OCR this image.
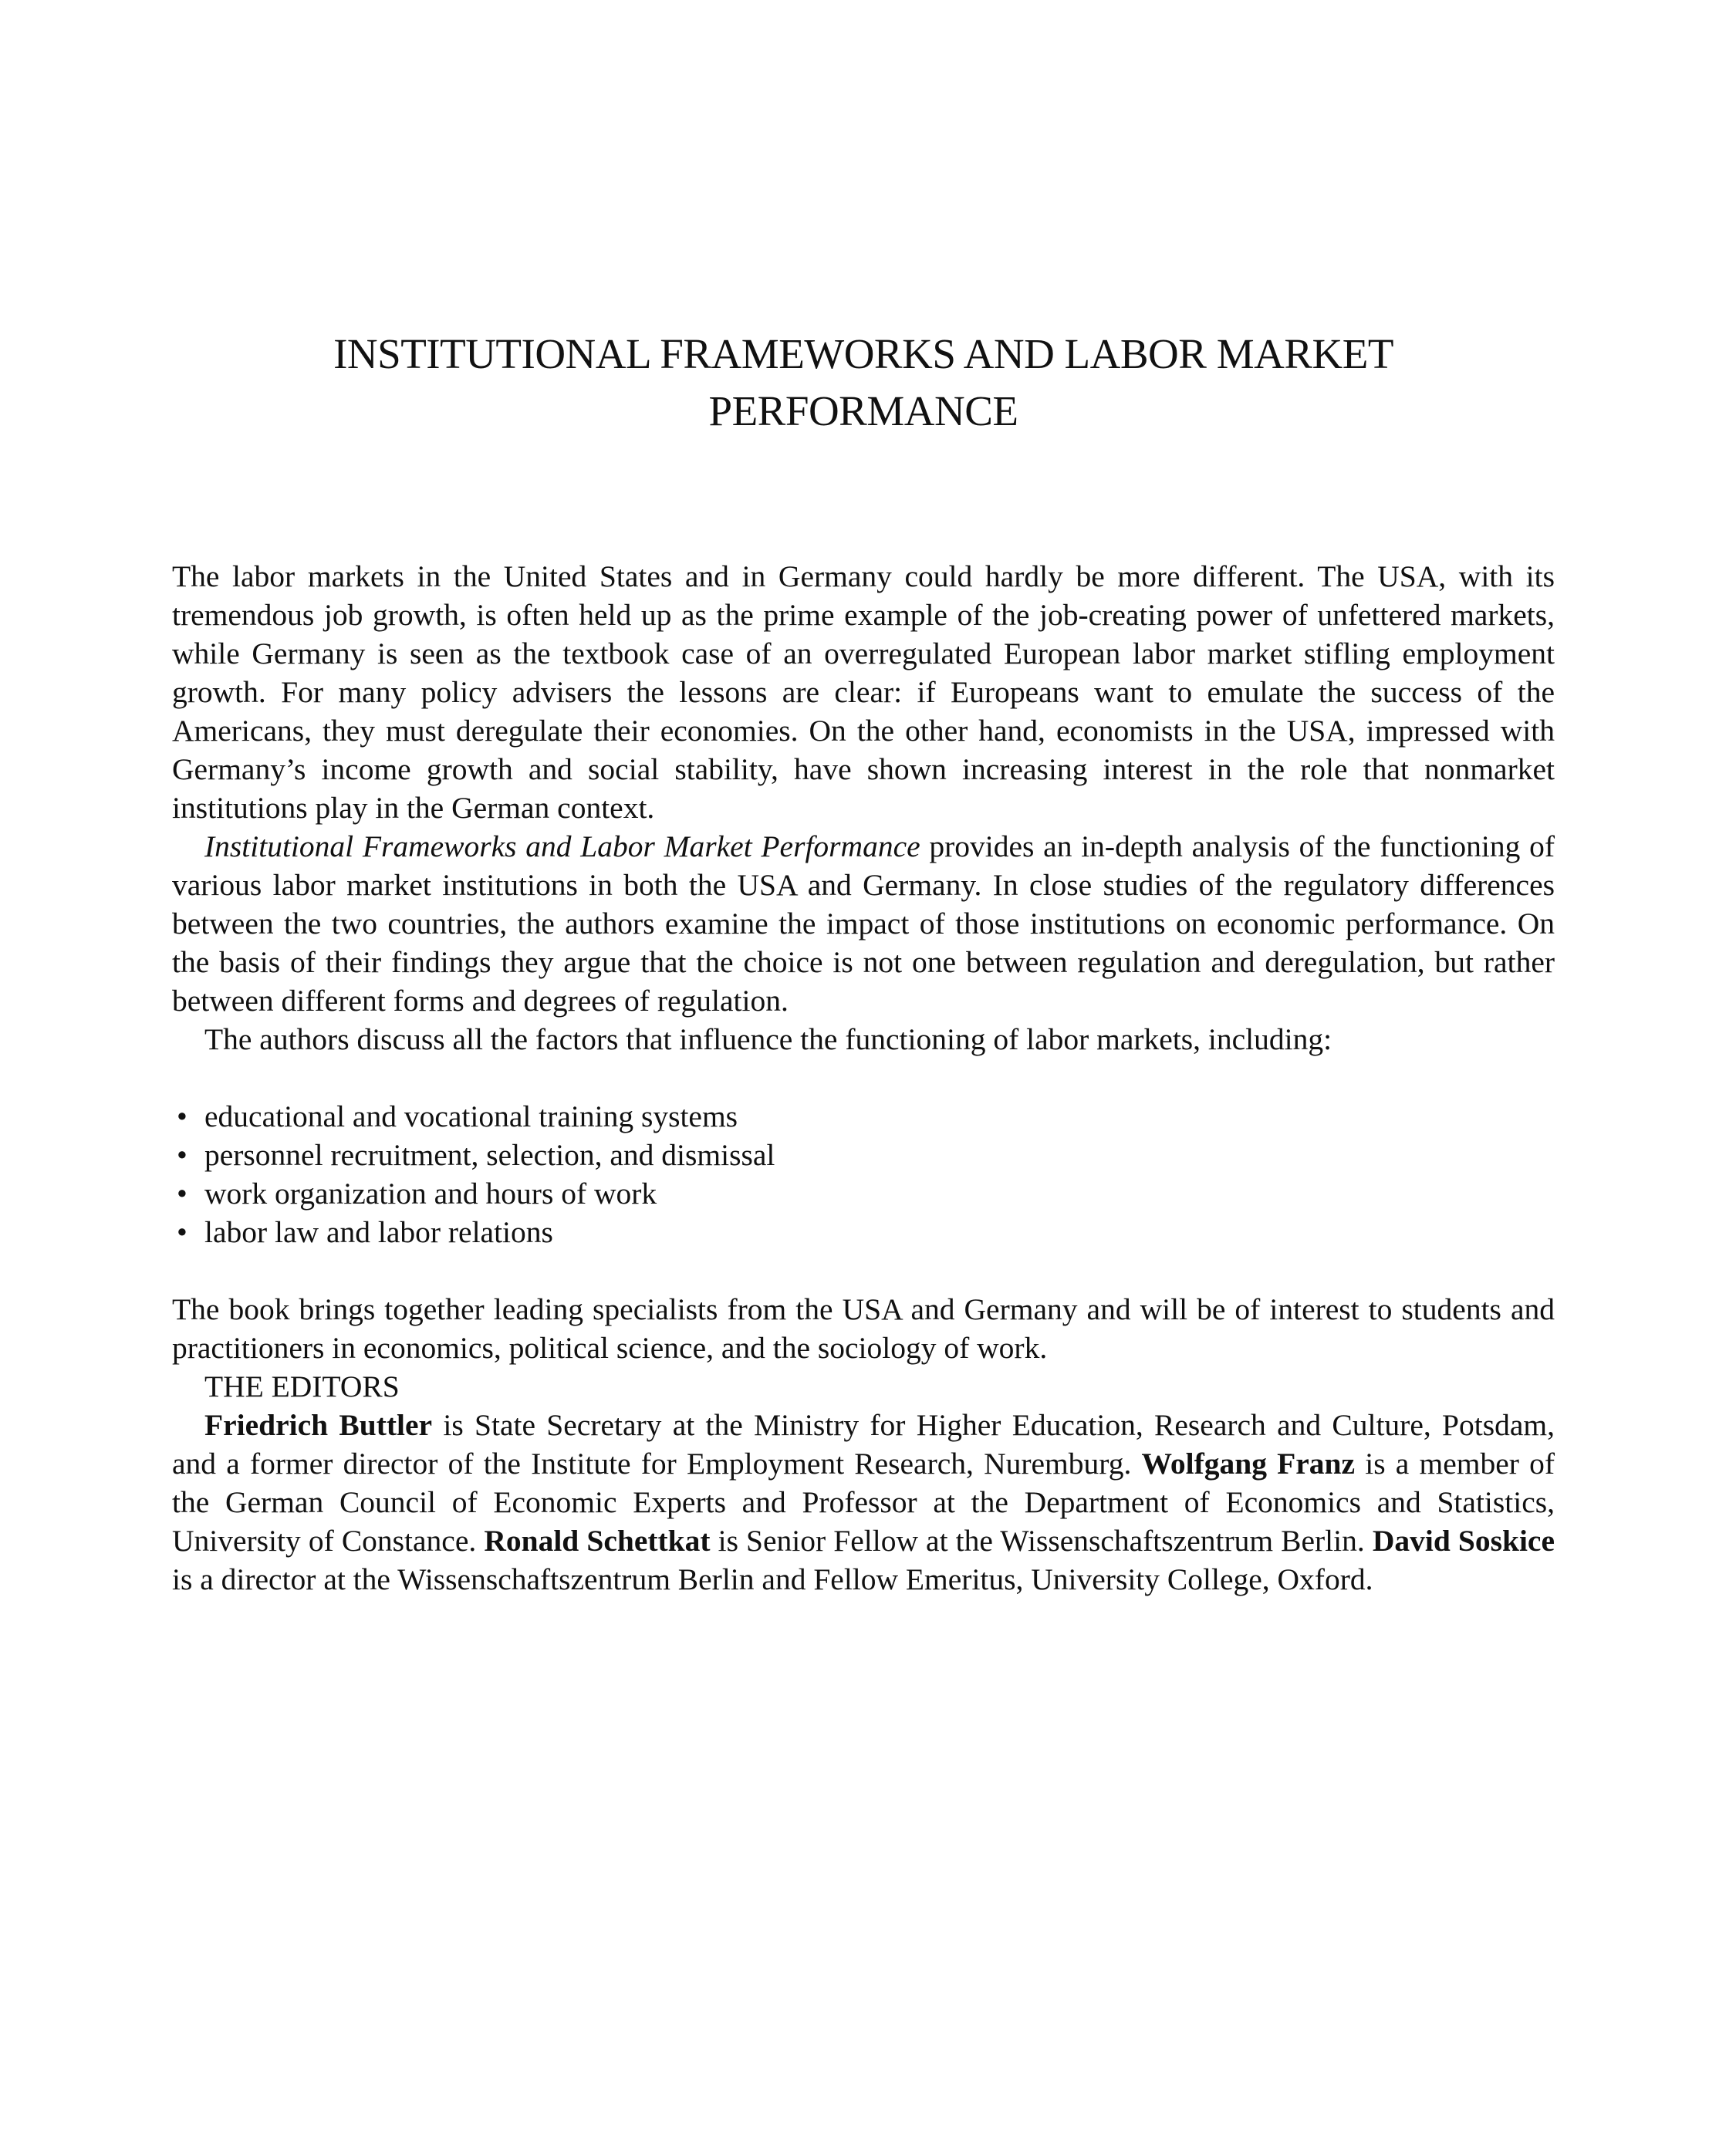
INSTITUTIONAL FRAMEWORKS AND LABOR MARKET
PERFORMANCE

The labor markets in the United States and in Germany could hardly be more different. The USA, with its tremendous job growth, is often held up as the prime example of the job-creating power of unfettered markets, while Germany is seen as the textbook case of an overregulated European labor market stifling employment growth. For many policy advisers the lessons are clear: if Europeans want to emulate the success of the Americans, they must deregulate their economies. On the other hand, economists in the USA, impressed with Germany’s income growth and social stability, have shown increasing interest in the role that nonmarket institutions play in the German context.

Institutional Frameworks and Labor Market Performance provides an in-depth analysis of the functioning of various labor market institutions in both the USA and Germany. In close studies of the regulatory differences between the two countries, the authors examine the impact of those institutions on economic performance. On the basis of their findings they argue that the choice is not one between regulation and deregulation, but rather between different forms and degrees of regulation.

The authors discuss all the factors that influence the functioning of labor markets, including:

• educational and vocational training systems
• personnel recruitment, selection, and dismissal
• work organization and hours of work
• labor law and labor relations

The book brings together leading specialists from the USA and Germany and will be of interest to students and practitioners in economics, political science, and the sociology of work.

THE EDITORS

Friedrich Buttler is State Secretary at the Ministry for Higher Education, Research and Culture, Potsdam, and a former director of the Institute for Employment Research, Nuremburg. Wolfgang Franz is a member of the German Council of Economic Experts and Professor at the Department of Economics and Statistics, University of Constance. Ronald Schettkat is Senior Fellow at the Wissenschaftszentrum Berlin. David Soskice is a director at the Wissenschaftszentrum Berlin and Fellow Emeritus, University College, Oxford.
